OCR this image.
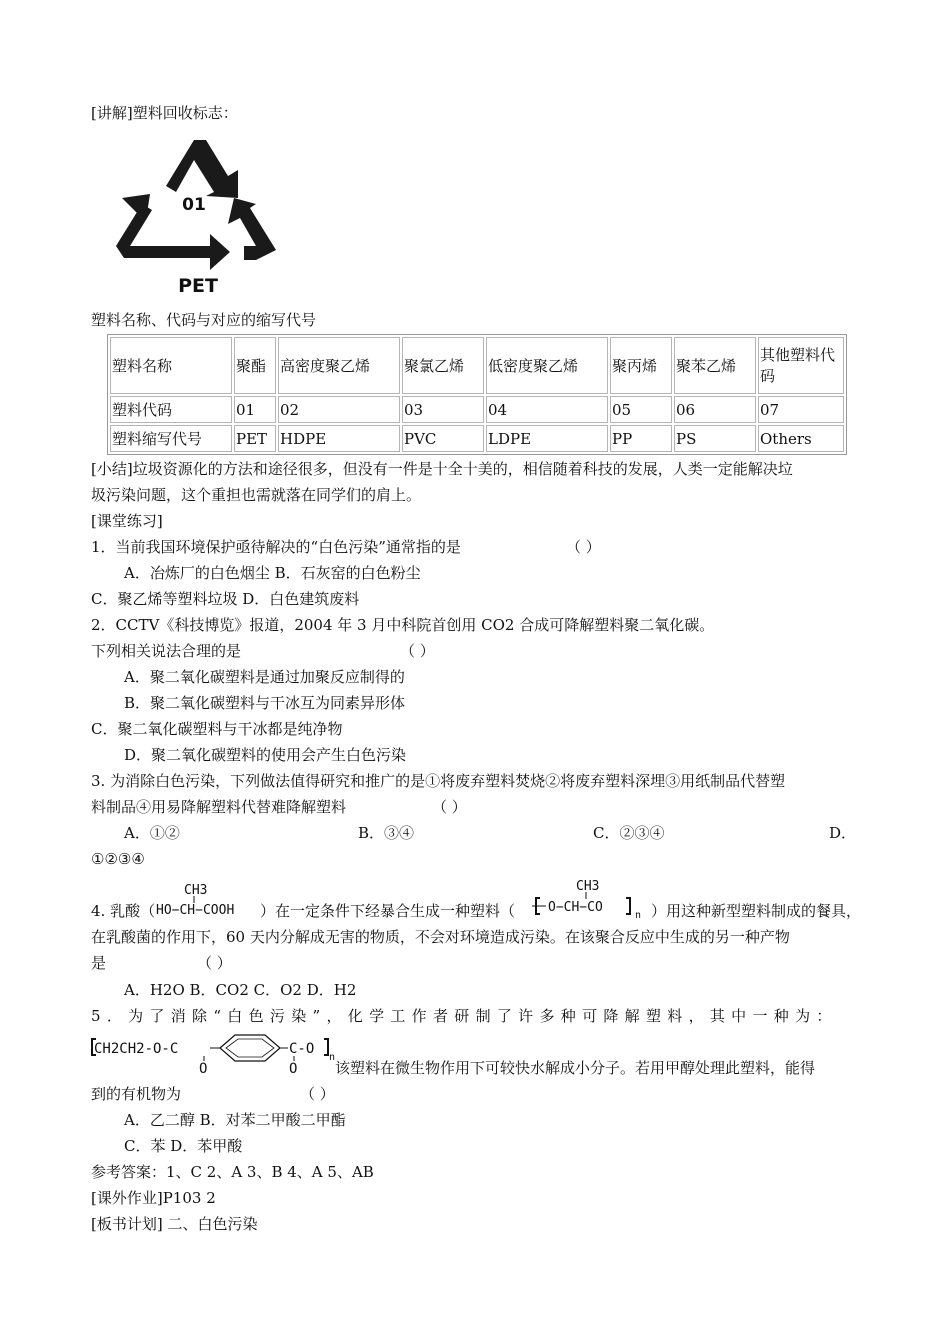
[讲解]塑料回收标志：
01
PET
塑料名称、代码与对应的缩写代号
塑料名称	聚酯	高密度聚乙烯	聚氯乙烯	低密度聚乙烯	聚丙烯	聚苯乙烯	其他塑料代码
塑料代码	01	02	03	04	05	06	07
塑料缩写代号	PET	HDPE	PVC	LDPE	PP	PS	Others
[小结]垃圾资源化的方法和途径很多，但没有一件是十全十美的，相信随着科技的发展，人类一定能解决垃
圾污染问题，这个重担也需就落在同学们的肩上。
[课堂练习]
1．当前我国环境保护亟待解决的“白色污染”通常指的是	（ ）
A．冶炼厂的白色烟尘 B．石灰窑的白色粉尘
C．聚乙烯等塑料垃圾 D．白色建筑废料
2．CCTV《科技博览》报道，2004 年 3 月中科院首创用 CO2 合成可降解塑料聚二氧化碳。
下列相关说法合理的是	（ ）
A．聚二氧化碳塑料是通过加聚反应制得的
B．聚二氧化碳塑料与干冰互为同素异形体
C．聚二氧化碳塑料与干冰都是纯净物
D．聚二氧化碳塑料的使用会产生白色污染
3. 为消除白色污染，下列做法值得研究和推广的是①将废弃塑料焚烧②将废弃塑料深埋③用纸制品代替塑
料制品④用易降解塑料代替难降解塑料	（ ）
A．①②	B．③④	C．②③④	D．
①②③④
4. 乳酸（
CH3
HO−CH−COOH ）在一定条件下经暴合生成一种塑料（
CH3
O−CH−CO
n ）用这种新型塑料制成的餐具，
在乳酸菌的作用下，60 天内分解成无害的物质，不会对环境造成污染。在该聚合反应中生成的另一种产物
是	（ ）
A．H2O B．CO2 C．O2 D．H2
5．为了消除“白色污染”，化学工作者研制了许多种可降解塑料，其中一种为：
CH2CH2-O-C
O
C-O
O
n
该塑料在微生物作用下可较快水解成小分子。若用甲醇处理此塑料，能得
到的有机物为	（ ）
A．乙二醇 B．对苯二甲酸二甲酯
C．苯 D．苯甲酸
参考答案：1、C 2、A 3、B 4、A 5、AB
[课外作业]P103 2
[板书计划] 二、白色污染
